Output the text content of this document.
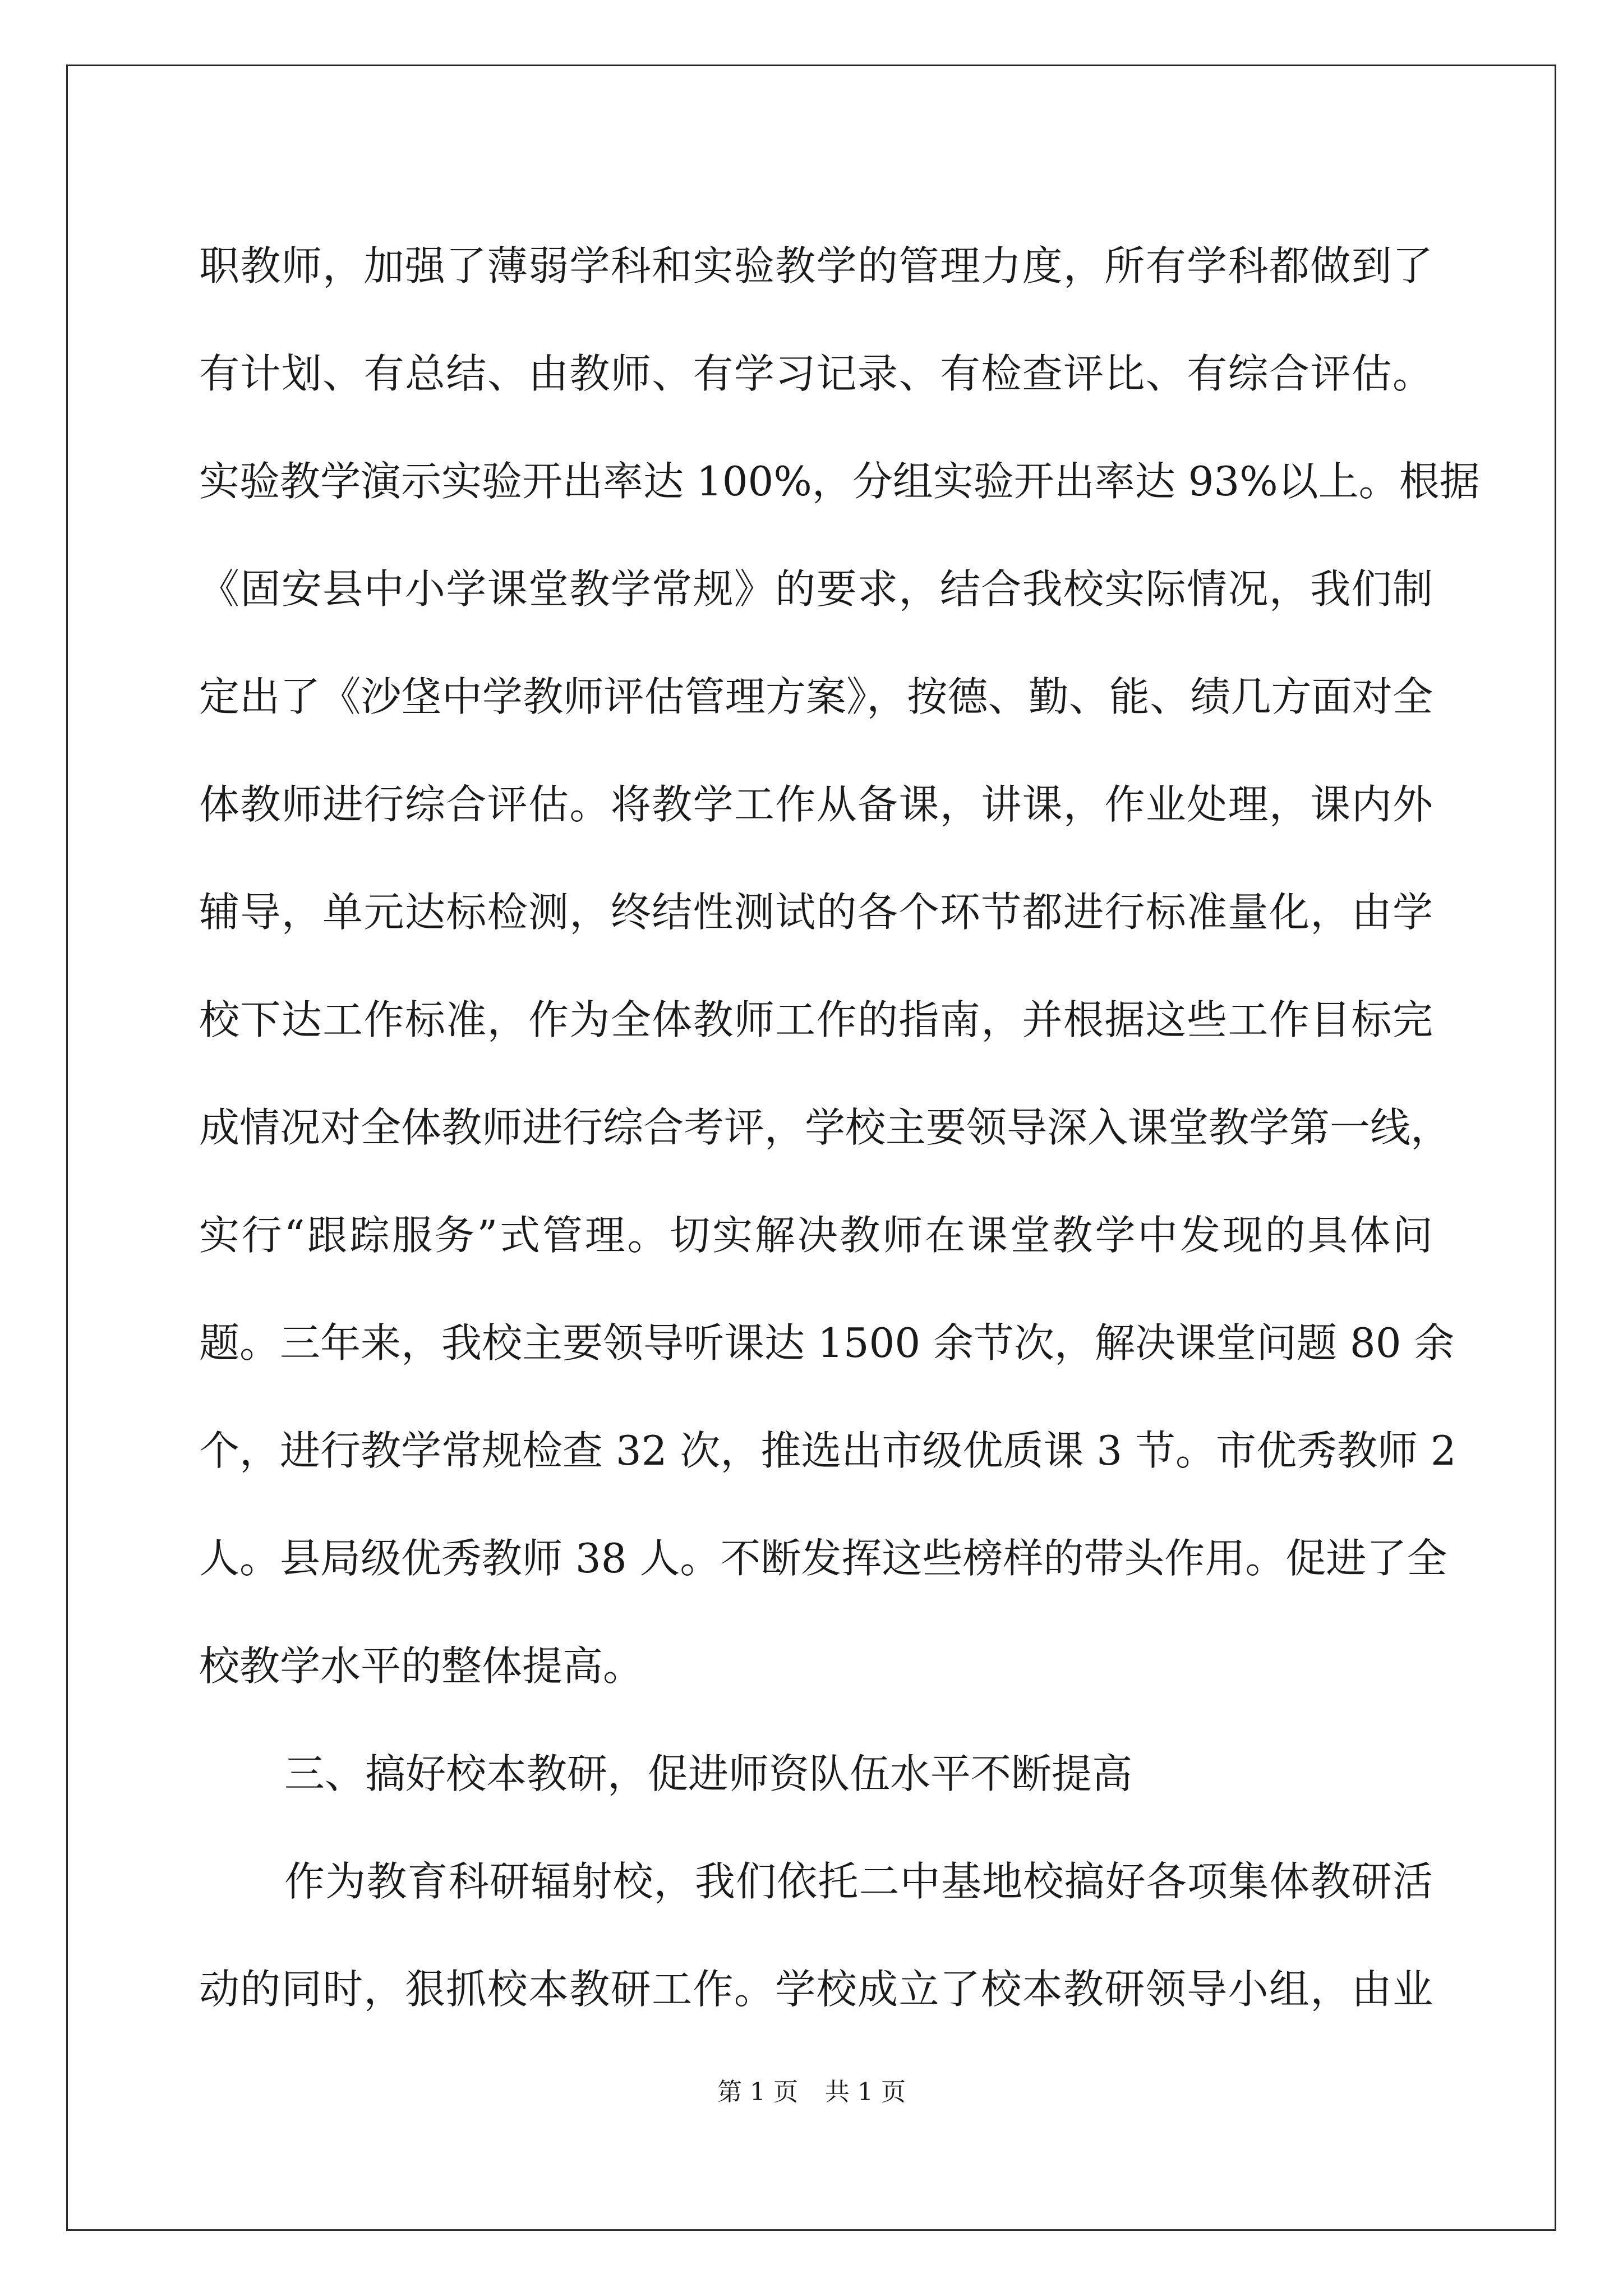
职教师，加强了薄弱学科和实验教学的管理力度，所有学科都做到了
有计划、有总结、由教师、有学习记录、有检查评比、有综合评估。
实验教学演示实验开出率达 100%，分组实验开出率达 93%以上。根据
《固安县中小学课堂教学常规》的要求，结合我校实际情况，我们制
定出了《沙垡中学教师评估管理方案》，按德、勤、能、绩几方面对全
体教师进行综合评估。将教学工作从备课，讲课，作业处理，课内外
辅导，单元达标检测，终结性测试的各个环节都进行标准量化，由学
校下达工作标准，作为全体教师工作的指南，并根据这些工作目标完
成情况对全体教师进行综合考评，学校主要领导深入课堂教学第一线，
实行“跟踪服务”式管理。切实解决教师在课堂教学中发现的具体问
题。三年来，我校主要领导听课达 1500 余节次，解决课堂问题 80 余
个，进行教学常规检查 32 次，推选出市级优质课 3 节。市优秀教师 2
人。县局级优秀教师 38 人。不断发挥这些榜样的带头作用。促进了全
校教学水平的整体提高。
三、搞好校本教研，促进师资队伍水平不断提高
作为教育科研辐射校，我们依托二中基地校搞好各项集体教研活
动的同时，狠抓校本教研工作。学校成立了校本教研领导小组，由业
第 1 页 共 1 页
